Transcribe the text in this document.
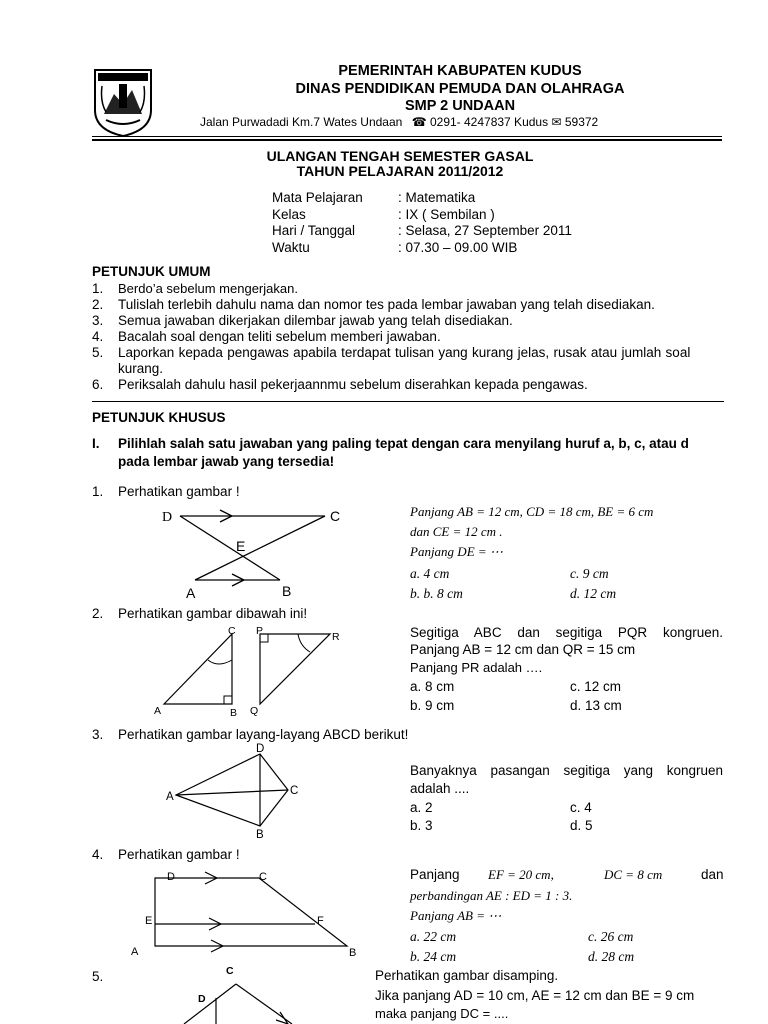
PEMERINTAH KABUPATEN KUDUS
DINAS PENDIDIKAN PEMUDA DAN OLAHRAGA
SMP 2 UNDAAN
Jalan Purwadadi Km.7 Wates Undaan ☎ 0291- 4247837 Kudus ✉ 59372
ULANGAN TENGAH SEMESTER GASAL
TAHUN PELAJARAN 2011/2012
Mata Pelajaran	: Matematika
Kelas	: IX ( Sembilan )
Hari / Tanggal	: Selasa, 27 September 2011
Waktu	: 07.30 – 09.00 WIB
PETUNJUK UMUM
1. Berdo’a sebelum mengerjakan.
2. Tulislah terlebih dahulu nama dan nomor tes pada lembar jawaban yang telah disediakan.
3. Semua jawaban dikerjakan dilembar jawab yang telah disediakan.
4. Bacalah soal dengan teliti sebelum memberi jawaban.
5. Laporkan kepada pengawas apabila terdapat tulisan yang kurang jelas, rusak atau jumlah soal
kurang.
6. Periksalah dahulu hasil pekerjaannmu sebelum diserahkan kepada pengawas.
PETUNJUK KHUSUS
I. Pilihlah salah satu jawaban yang paling tepat dengan cara menyilang huruf a, b, c, atau d
pada lembar jawab yang tersedia!
1. Perhatikan gambar !
D	C
E
A	B
Panjang AB = 12 cm, CD = 18 cm, BE = 6 cm
dan CE = 12 cm .
Panjang DE = ⋯
a. 4 cm	c. 9 cm
b. b. 8 cm	d. 12 cm
2. Perhatikan gambar dibawah ini!
C P	R
A	B Q
Segitiga ABC dan segitiga PQR kongruen.
Panjang AB = 12 cm dan QR = 15 cm
Panjang PR adalah ….
a. 8 cm	c. 12 cm
b. 9 cm	d. 13 cm
3. Perhatikan gambar layang-layang ABCD berikut!
D
A	C
B
Banyaknya pasangan segitiga yang kongruen
adalah ....
a. 2	c. 4
b. 3	d. 5
4. Perhatikan gambar !
D	C
E	F
A	B
Panjang EF = 20 cm,	DC = 8 cm	dan
perbandingan AE : ED = 1 : 3.
Panjang AB = ⋯
a. 22 cm	c. 26 cm
b. 24 cm	d. 28 cm
5.	C
D
Perhatikan gambar disamping.
Jika panjang AD = 10 cm, AE = 12 cm dan BE = 9 cm
maka panjang DC = ....
